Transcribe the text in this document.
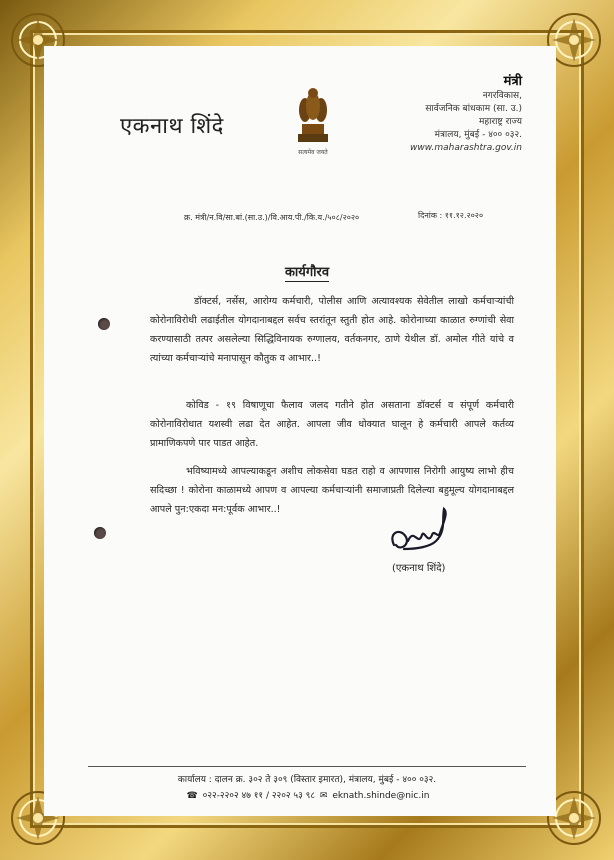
एकनाथ शिंदे
सत्यमेव जयते
मंत्री
नगरविकास,
सार्वजनिक बांधकाम (सा. उ.)
महाराष्ट्र राज्य
मंत्रालय, मुंबई - ४०० ०३२.
www.maharashtra.gov.in
क्र. मंत्री/न.वि/सा.बां.(सा.उ.)/वि.आय.पी./कि.य./५०८/२०२०	दिनांक : ११.१२.२०२०
कार्यगौरव
डॉक्टर्स, नर्सेस, आरोग्य कर्मचारी, पोलीस आणि अत्यावश्यक सेवेतील लाखो कर्मचाऱ्यांची कोरोनाविरोधी लढाईतील योगदानाबद्दल सर्वच स्तरांतून स्तुती होत आहे. कोरोनाच्या काळात रुग्णांची सेवा करण्यासाठी तत्पर असलेल्या सिद्धिविनायक रुग्णालय, वर्तकनगर, ठाणे येथील डॉ. अमोल गीते यांचे व त्यांच्या कर्मचाऱ्यांचे मनापासून कौतुक व आभार..!
कोविड - १९ विषाणूचा फैलाव जलद गतीने होत असताना डॉक्टर्स व संपूर्ण कर्मचारी कोरोनाविरोधात यशस्वी लढा देत आहेत. आपला जीव धोक्यात घालून हे कर्मचारी आपले कर्तव्य प्रामाणिकपणे पार पाडत आहेत.
भविष्यामध्ये आपल्याकडून अशीच लोकसेवा घडत राहो व आपणास निरोगी आयुष्य लाभो हीच सदिच्छा ! कोरोना काळामध्ये आपण व आपल्या कर्मचाऱ्यांनी समाजाप्रती दिलेल्या बहुमूल्य योगदानाबद्दल आपले पुन:एकदा मन:पूर्वक आभार..!
(एकनाथ शिंदे)
कार्यालय : दालन क्र. ३०२ ते ३०९ (विस्तार इमारत), मंत्रालय, मुंबई - ४०० ०३२.
☎ ०२२-२२०२ ४७ ११ / २२०२ ५३ ९८ ✉ eknath.shinde@nic.in
